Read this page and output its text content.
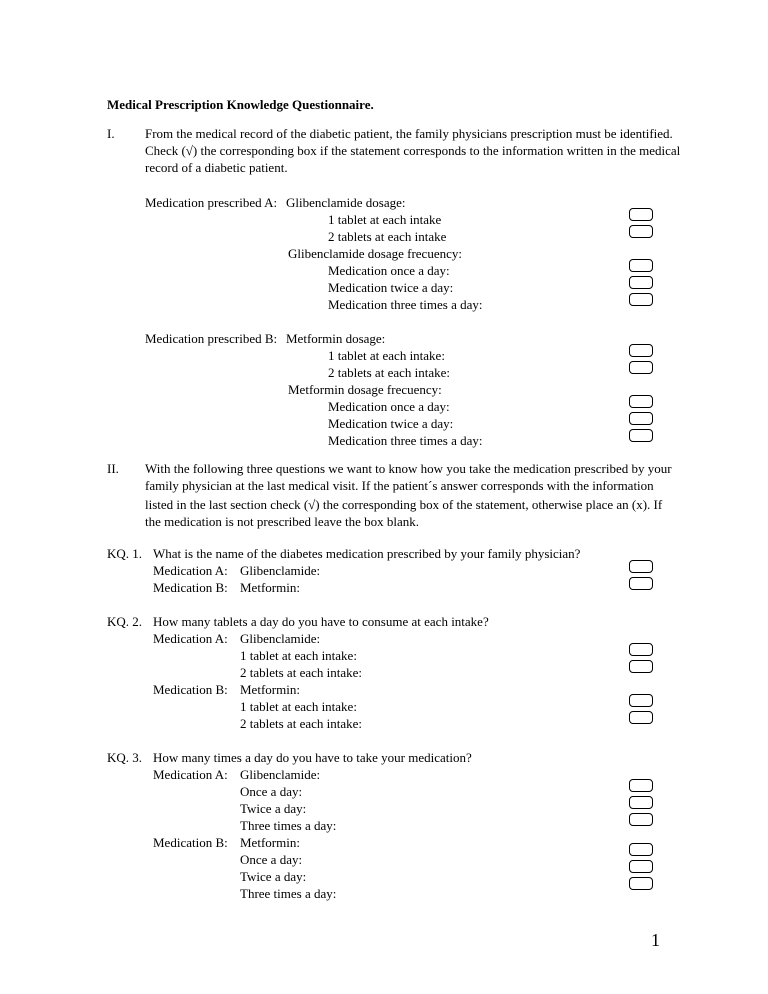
Medical Prescription Knowledge Questionnaire.
I. From the medical record of the diabetic patient, the family physicians prescription must be identified.
Check (√) the corresponding box if the statement corresponds to the information written in the medical
record of a diabetic patient.
Medication prescribed A: Glibenclamide dosage:
1 tablet at each intake
2 tablets at each intake
Glibenclamide dosage frecuency:
Medication once a day:
Medication twice a day:
Medication three times a day:
Medication prescribed B: Metformin dosage:
1 tablet at each intake:
2 tablets at each intake:
Metformin dosage frecuency:
Medication once a day:
Medication twice a day:
Medication three times a day:
II. With the following three questions we want to know how you take the medication prescribed by your
family physician at the last medical visit. If the patient´s answer corresponds with the information
listed in the last section check (√) the corresponding box of the statement, otherwise place an (x). If
the medication is not prescribed leave the box blank.
KQ. 1. What is the name of the diabetes medication prescribed by your family physician?
Medication A: Glibenclamide:
Medication B: Metformin:
KQ. 2. How many tablets a day do you have to consume at each intake?
Medication A: Glibenclamide:
1 tablet at each intake:
2 tablets at each intake:
Medication B: Metformin:
1 tablet at each intake:
2 tablets at each intake:
KQ. 3. How many times a day do you have to take your medication?
Medication A: Glibenclamide:
Once a day:
Twice a day:
Three times a day:
Medication B: Metformin:
Once a day:
Twice a day:
Three times a day:
1
